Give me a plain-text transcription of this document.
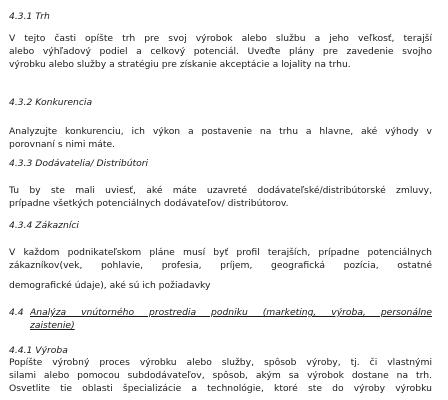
4.3.1 Trh
V tejto časti opíšte trh pre svoj výrobok alebo službu a jeho veľkosť, terajší
alebo výhľadový podiel a celkový potenciál. Uveďte plány pre zavedenie svojho
výrobku alebo služby a stratégiu pre získanie akceptácie a lojality na trhu.
4.3.2 Konkurencia
Analyzujte konkurenciu, ich výkon a postavenie na trhu a hlavne, aké výhody v
porovnaní s nimi máte.
4.3.3 Dodávatelia/ Distribútori
Tu by ste mali uviesť, aké máte uzavreté dodávateľské/distribútorské zmluvy,
prípadne všetkých potenciálnych dodávateľov/ distribútorov.
4.3.4 Zákazníci
V každom podnikateľskom pláne musí byť profil terajších, prípadne potenciálnych
zákazníkov(vek, pohlavie, profesia, príjem, geografická pozícia, ostatné
demografické údaje), aké sú ich požiadavky
4.4 Analýza vnútorného prostredia podniku (marketing, výroba, personálne
zaistenie)
4.4.1 Výroba
Popíšte výrobný proces výrobku alebo služby, spôsob výroby, tj. či vlastnými
silami alebo pomocou subdodávateľov, spôsob, akým sa výrobok dostane na trh.
Osvetlite tie oblasti špecializácie a technológie, ktoré ste do výroby výrobku
